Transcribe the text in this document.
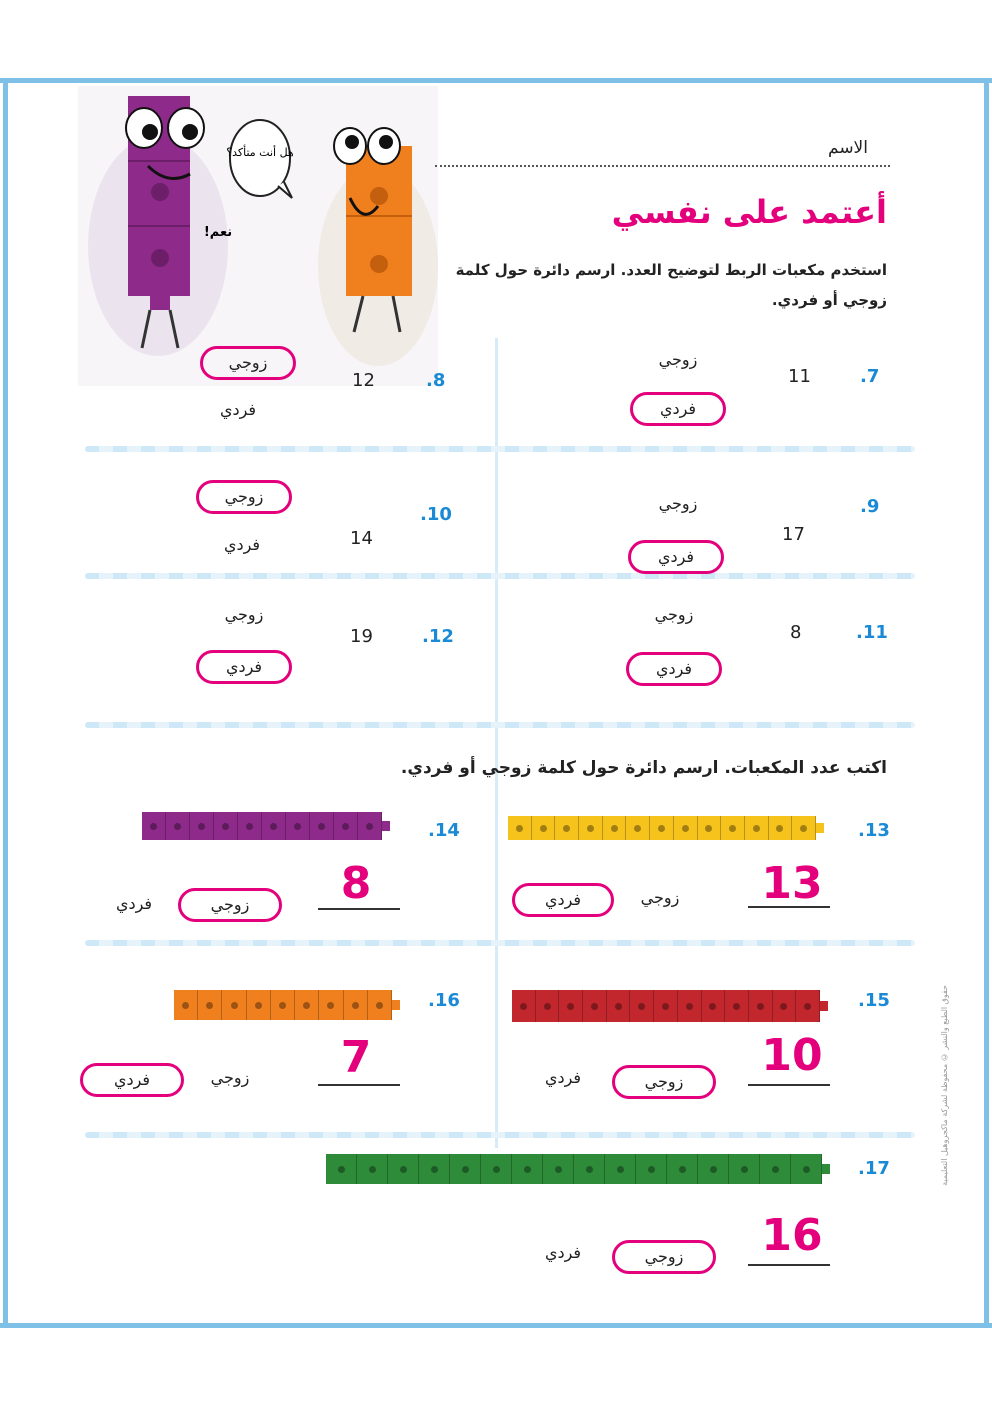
هل أنت متأكد؟
نعم!
الاسم
أعتمد على نفسي
استخدم مكعبات الربط لتوضيح العدد. ارسم دائرة حول كلمة زوجي أو فردي.
.7
11
زوجي
فردي
.8
12
زوجي
فردي
.9
17
زوجي
فردي
.10
14
زوجي
فردي
.11
8
زوجي
فردي
.12
19
زوجي
فردي
اكتب عدد المكعبات. ارسم دائرة حول كلمة زوجي أو فردي.
.13
13
زوجي
فردي
.14
8
زوجي
فردي
.15
10
زوجي
فردي
.16
7
زوجي
فردي
.17
16
زوجي
فردي
حقوق الطبع والنشر © محفوظة لشركة ماكجروهيل التعليمية
